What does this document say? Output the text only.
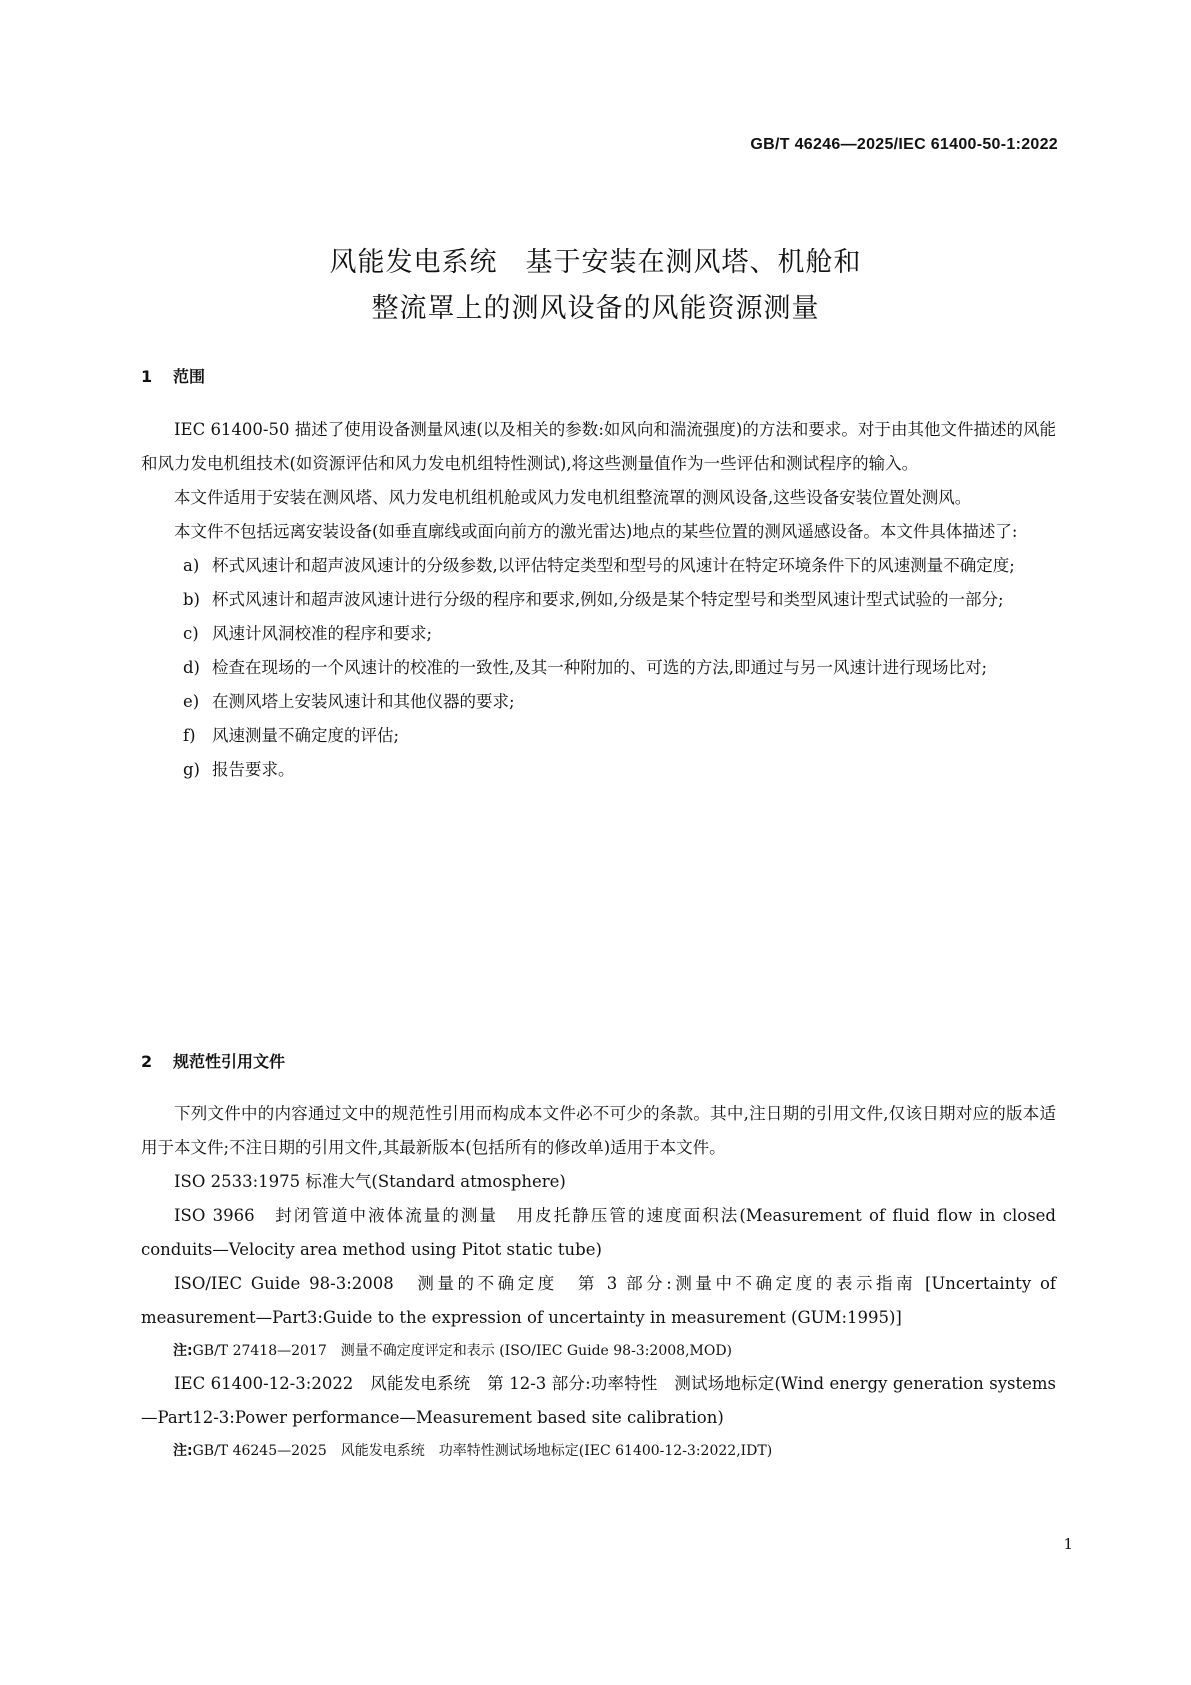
GB/T 46246—2025/IEC 61400-50-1:2022
风能发电系统　基于安装在测风塔、机舱和
整流罩上的测风设备的风能资源测量
1 范围

IEC 61400-50 描述了使用设备测量风速(以及相关的参数:如风向和湍流强度)的方法和要求。对于由其他文件描述的风能和风力发电机组技术(如资源评估和风力发电机组特性测试),将这些测量值作为一些评估和测试程序的输入。

本文件适用于安装在测风塔、风力发电机组机舱或风力发电机组整流罩的测风设备,这些设备安装位置处测风。

本文件不包括远离安装设备(如垂直廓线或面向前方的激光雷达)地点的某些位置的测风遥感设备。本文件具体描述了:

a) 杯式风速计和超声波风速计的分级参数,以评估特定类型和型号的风速计在特定环境条件下的风速测量不确定度;

b) 杯式风速计和超声波风速计进行分级的程序和要求,例如,分级是某个特定型号和类型风速计型式试验的一部分;

c) 风速计风洞校准的程序和要求;

d) 检查在现场的一个风速计的校准的一致性,及其一种附加的、可选的方法,即通过与另一风速计进行现场比对;

e) 在测风塔上安装风速计和其他仪器的要求;

f) 风速测量不确定度的评估;

g) 报告要求。

2 规范性引用文件

下列文件中的内容通过文中的规范性引用而构成本文件必不可少的条款。其中,注日期的引用文件,仅该日期对应的版本适用于本文件;不注日期的引用文件,其最新版本(包括所有的修改单)适用于本文件。

ISO 2533:1975 标准大气(Standard atmosphere)

ISO 3966　封闭管道中液体流量的测量　用皮托静压管的速度面积法(Measurement of fluid flow in closed conduits—Velocity area method using Pitot static tube)

ISO/IEC Guide 98-3:2008　测量的不确定度　第 3 部分:测量中不确定度的表示指南 [Uncertainty of measurement—Part3:Guide to the expression of uncertainty in measurement (GUM:1995)]

注:GB/T 27418—2017　测量不确定度评定和表示 (ISO/IEC Guide 98-3:2008,MOD)

IEC 61400-12-3:2022　风能发电系统　第 12-3 部分:功率特性　测试场地标定(Wind energy generation systems—Part12-3:Power performance—Measurement based site calibration)

注:GB/T 46245—2025　风能发电系统　功率特性测试场地标定(IEC 61400-12-3:2022,IDT)

1
